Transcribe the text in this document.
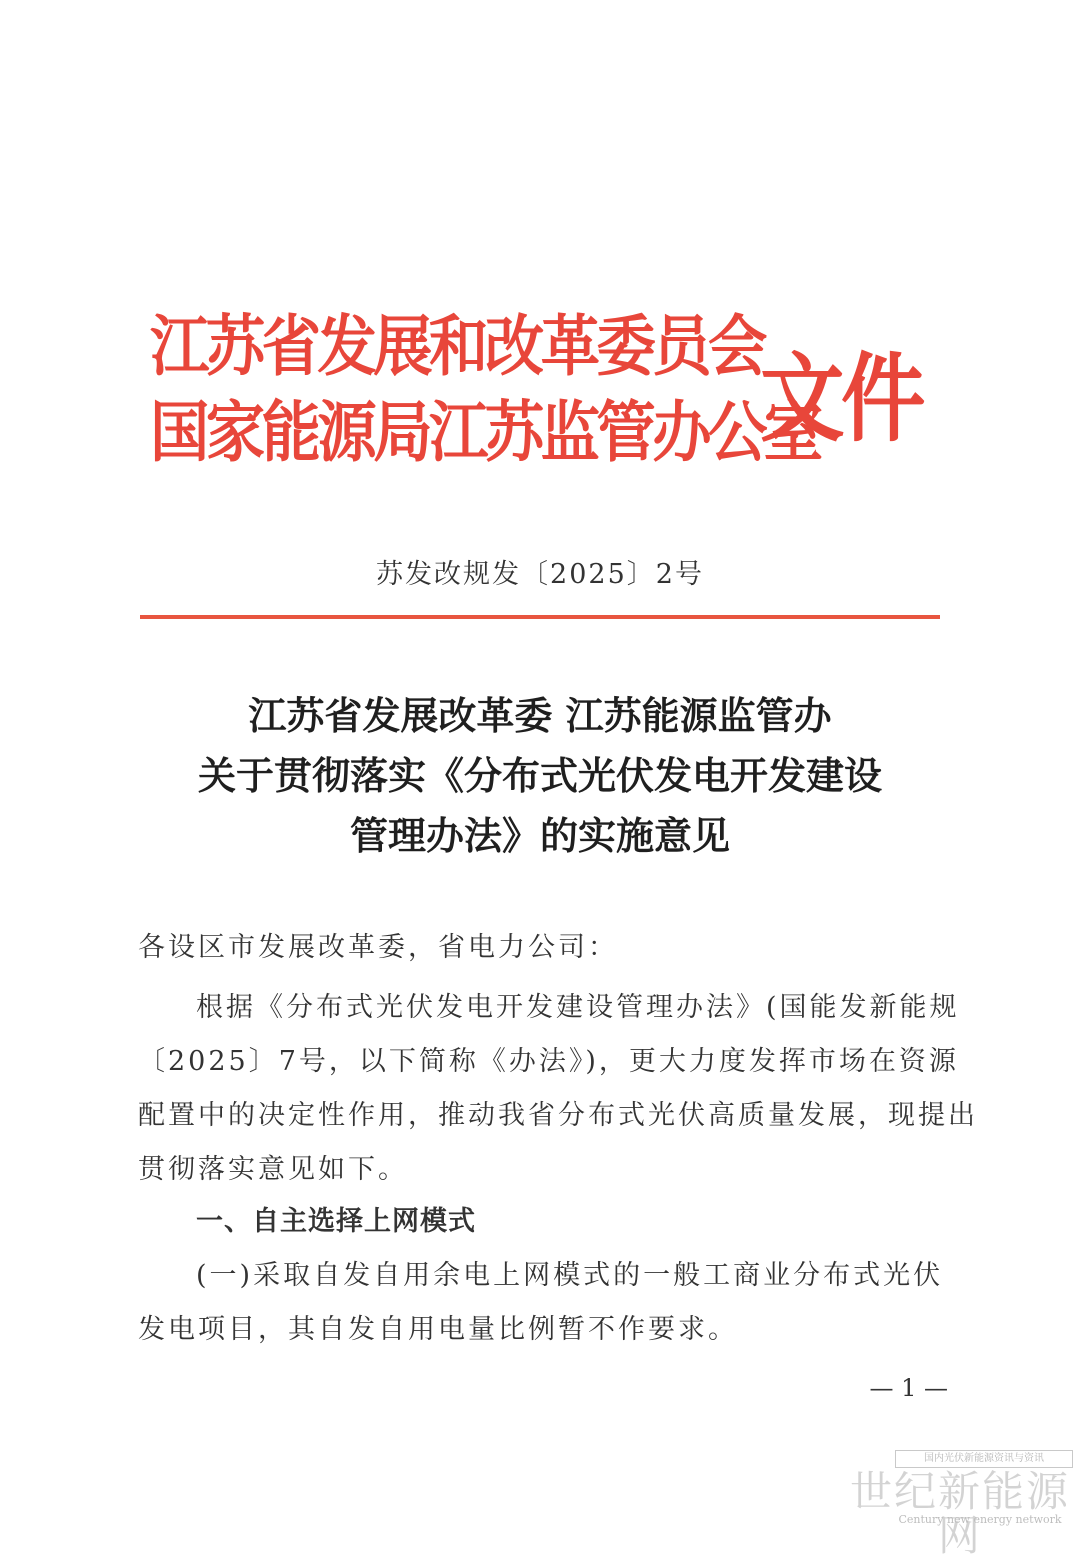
江苏省发展和改革委员会
国家能源局江苏监管办公室
文件
苏发改规发〔2025〕2号
江苏省发展改革委 江苏能源监管办
关于贯彻落实《分布式光伏发电开发建设
管理办法》的实施意见
各设区市发展改革委，省电力公司：
根据《分布式光伏发电开发建设管理办法》(国能发新能规
〔2025〕7号，以下简称《办法》)，更大力度发挥市场在资源
配置中的决定性作用，推动我省分布式光伏高质量发展，现提出
贯彻落实意见如下。
一、自主选择上网模式
(一)采取自发自用余电上网模式的一般工商业分布式光伏
发电项目，其自发自用电量比例暂不作要求。
— 1 —
国内光伏新能源资讯与资讯
世纪新能源网
Century new energy network
